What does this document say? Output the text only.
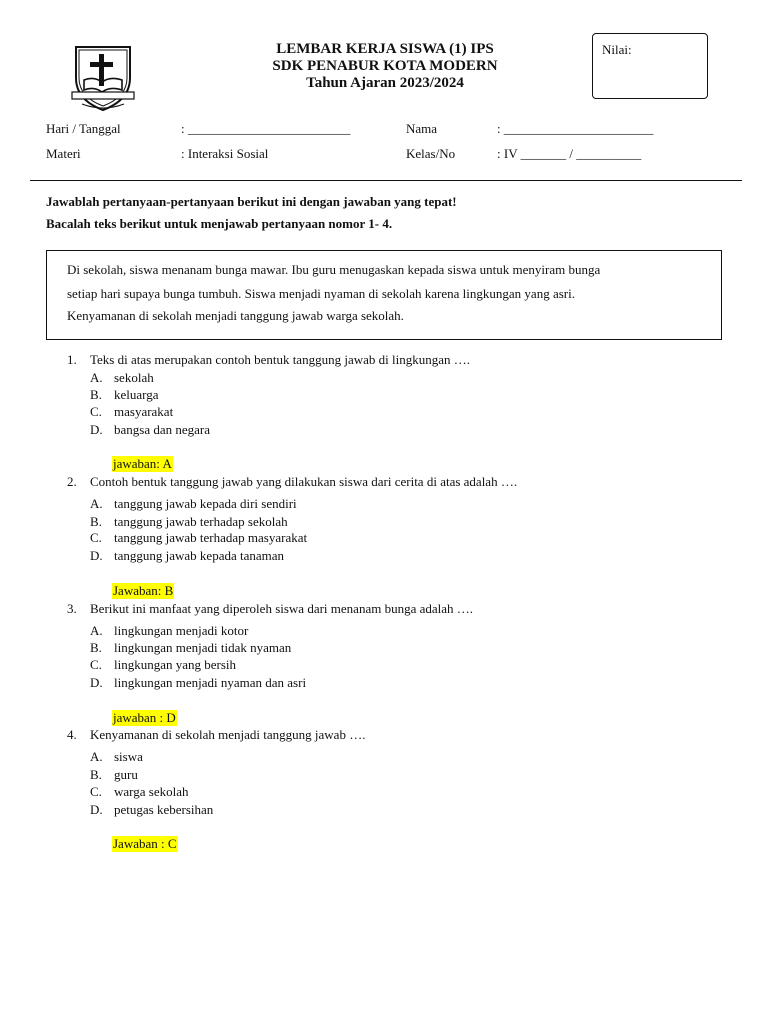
LEMBAR KERJA SISWA (1) IPS
SDK PENABUR KOTA MODERN
Tahun Ajaran 2023/2024
Nilai:
Hari / Tanggal	: _________________________	Nama	: _______________________
Materi	: Interaksi Sosial	Kelas/No	: IV _______ / __________
Jawablah pertanyaan-pertanyaan berikut ini dengan jawaban yang tepat!
Bacalah teks berikut untuk menjawab pertanyaan nomor 1- 4.

Di sekolah, siswa menanam bunga mawar. Ibu guru menugaskan kepada siswa untuk menyiram bunga

setiap hari supaya bunga tumbuh. Siswa menjadi nyaman di sekolah karena lingkungan yang asri.

Kenyamanan di sekolah menjadi tanggung jawab warga sekolah.

1. Teks di atas merupakan contoh bentuk tanggung jawab di lingkungan ….
A. sekolah
B. keluarga
C. masyarakat
D. bangsa dan negara
jawaban: A
2. Contoh bentuk tanggung jawab yang dilakukan siswa dari cerita di atas adalah ….
A. tanggung jawab kepada diri sendiri
B. tanggung jawab terhadap sekolah
C. tanggung jawab terhadap masyarakat
D. tanggung jawab kepada tanaman
Jawaban: B
3. Berikut ini manfaat yang diperoleh siswa dari menanam bunga adalah ….
A. lingkungan menjadi kotor
B. lingkungan menjadi tidak nyaman
C. lingkungan yang bersih
D. lingkungan menjadi nyaman dan asri
jawaban : D
4. Kenyamanan di sekolah menjadi tanggung jawab ….
A. siswa
B. guru
C. warga sekolah
D. petugas kebersihan
Jawaban : C
